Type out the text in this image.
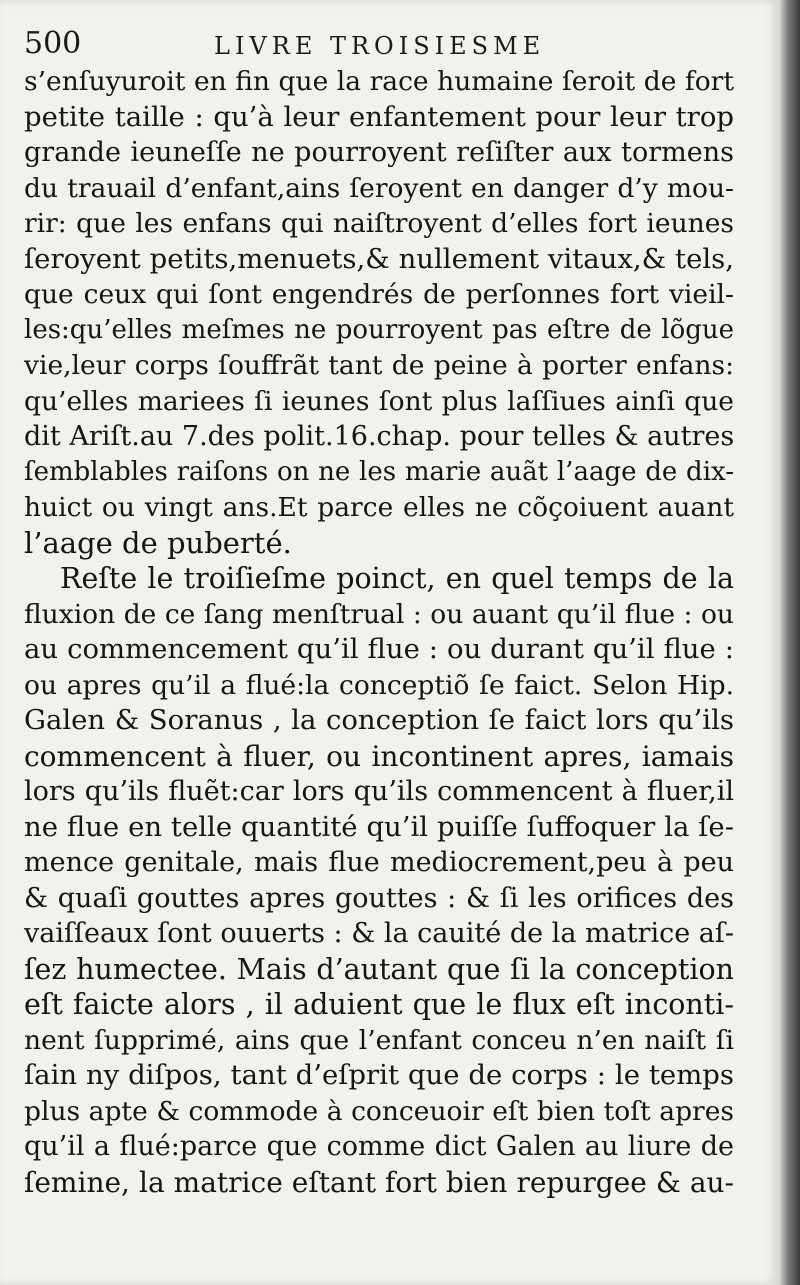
500	LIVRE TROISIESME
s’enſuyuroit en fin que la race humaine ſeroit de fort
petite taille : qu’à leur enfantement pour leur trop
grande ieuneſſe ne pourroyent reſiſter aux tormens
du trauail d’enfant,ains ſeroyent en danger d’y mou-
rir: que les enfans qui naiſtroyent d’elles fort ieunes
ſeroyent petits,menuets,& nullement vitaux,& tels,
que ceux qui ſont engendrés de perſonnes fort vieil-
les:qu’elles meſmes ne pourroyent pas eſtre de lõgue
vie,leur corps ſouffrãt tant de peine à porter enfans:
qu’elles mariees ſi ieunes ſont plus laſſiues ainſi que
dit Ariſt.au 7.des polit.16.chap. pour telles & autres
ſemblables raiſons on ne les marie auãt l’aage de dix-
huict ou vingt ans.Et parce elles ne cõçoiuent auant
l’aage de puberté.
Reſte le troiſieſme poinct, en quel temps de la
fluxion de ce ſang menſtrual : ou auant qu’il flue : ou
au commencement qu’il flue : ou durant qu’il flue :
ou apres qu’il a flué:la conceptiõ ſe faict. Selon Hip.
Galen & Soranus , la conception ſe faict lors qu’ils
commencent à fluer, ou incontinent apres, iamais
lors qu’ils fluẽt:car lors qu’ils commencent à fluer,il
ne flue en telle quantité qu’il puiſſe ſuffoquer la ſe-
mence genitale, mais flue mediocrement,peu à peu
& quaſi gouttes apres gouttes : & ſi les orifices des
vaiſſeaux ſont ouuerts : & la cauité de la matrice aſ-
ſez humectee. Mais d’autant que ſi la conception
eſt faicte alors , il aduient que le flux eſt inconti-
nent ſupprimé, ains que l’enfant conceu n’en naiſt ſi
ſain ny diſpos, tant d’eſprit que de corps : le temps
plus apte & commode à conceuoir eſt bien toſt apres
qu’il a flué:parce que comme dict Galen au liure de
ſemine, la matrice eſtant fort bien repurgee & au-
